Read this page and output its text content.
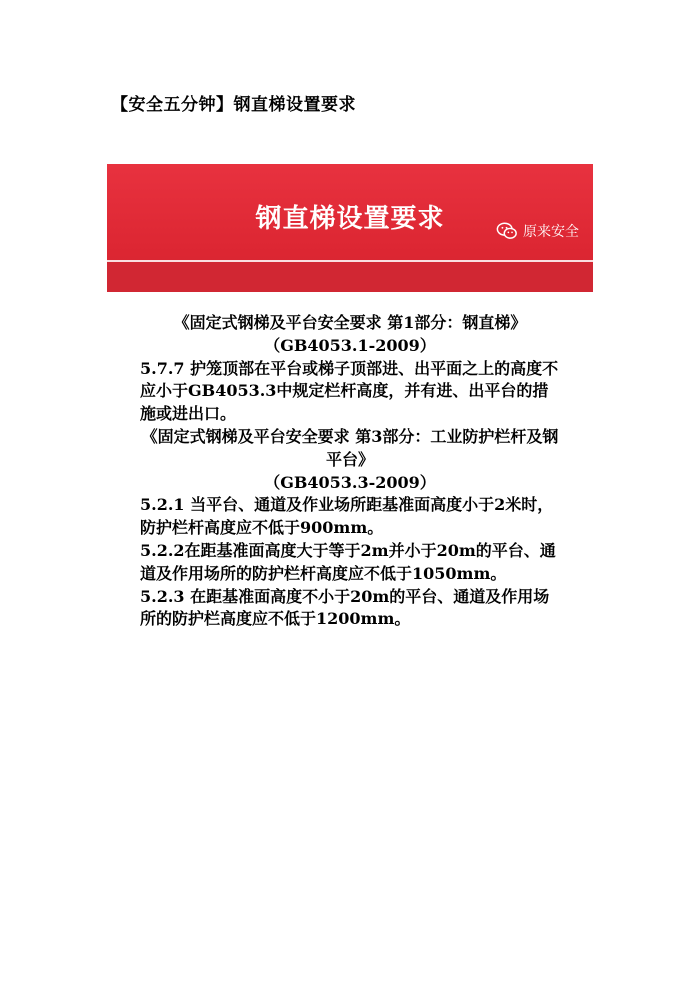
【安全五分钟】钢直梯设置要求
钢直梯设置要求	原来安全

《固定式钢梯及平台安全要求 第1部分：钢直梯》

（GB4053.1-2009）

5.7.7 护笼顶部在平台或梯子顶部进、出平面之上的高度不应小于GB4053.3中规定栏杆高度，并有进、出平台的措施或进出口。

《固定式钢梯及平台安全要求 第3部分：工业防护栏杆及钢平台》

（GB4053.3-2009）

5.2.1 当平台、通道及作业场所距基准面高度小于2米时，防护栏杆高度应不低于900mm。

5.2.2在距基准面高度大于等于2m并小于20m的平台、通道及作用场所的防护栏杆高度应不低于1050mm。

5.2.3 在距基准面高度不小于20m的平台、通道及作用场所的防护栏高度应不低于1200mm。
